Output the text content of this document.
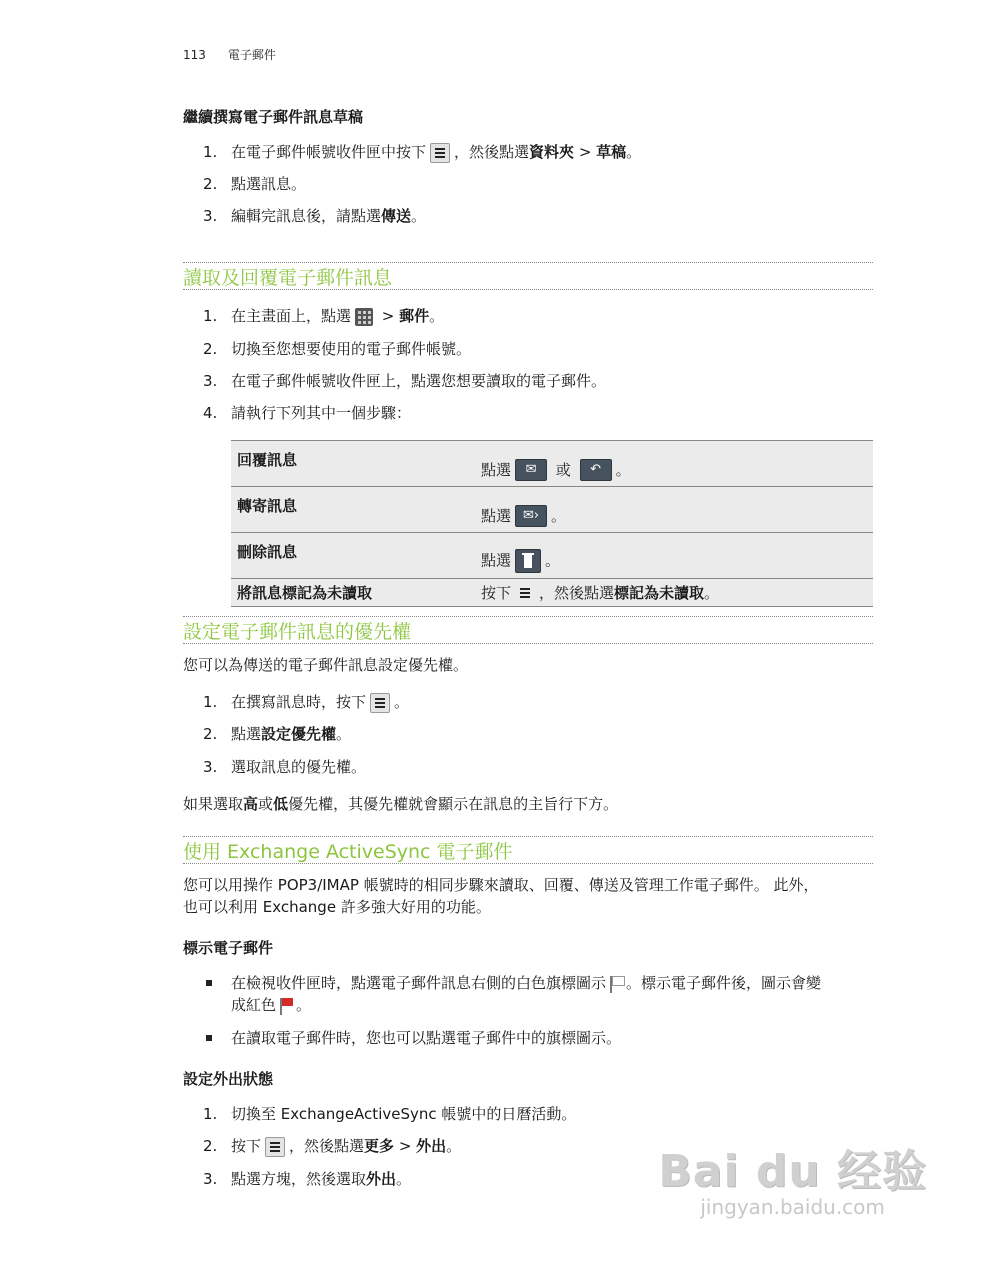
113 電子郵件
繼續撰寫電子郵件訊息草稿
1. 在電子郵件帳號收件匣中按下 ，然後點選資料夾 > 草稿。
2. 點選訊息。
3. 編輯完訊息後，請點選傳送。
讀取及回覆電子郵件訊息
1. 在主畫面上，點選
> 郵件。
2. 切換至您想要使用的電子郵件帳號。
3. 在電子郵件帳號收件匣上，點選您想要讀取的電子郵件。
4. 請執行下列其中一個步驟：
回覆訊息	點選 ✉ 或 ↶ 。
轉寄訊息	點選 ✉› 。
刪除訊息	點選 。
將訊息標記為未讀取	按下 ，然後點選標記為未讀取。
設定電子郵件訊息的優先權
您可以為傳送的電子郵件訊息設定優先權。
1. 在撰寫訊息時，按下 。
2. 點選設定優先權。
3. 選取訊息的優先權。
如果選取高或低優先權，其優先權就會顯示在訊息的主旨行下方。
使用 Exchange ActiveSync 電子郵件
您可以用操作 POP3/IMAP 帳號時的相同步驟來讀取、回覆、傳送及管理工作電子郵件。 此外，
也可以利用 Exchange 許多強大好用的功能。
標示電子郵件
在檢視收件匣時，點選電子郵件訊息右側的白色旗標圖示 。標示電子郵件後，圖示會變
成紅色 。
在讀取電子郵件時，您也可以點選電子郵件中的旗標圖示。
設定外出狀態
1. 切換至 ExchangeActiveSync 帳號中的日曆活動。
2. 按下 ，然後點選更多 > 外出。
3. 點選方塊，然後選取外出。	Bai du 经验
jingyan.baidu.com
